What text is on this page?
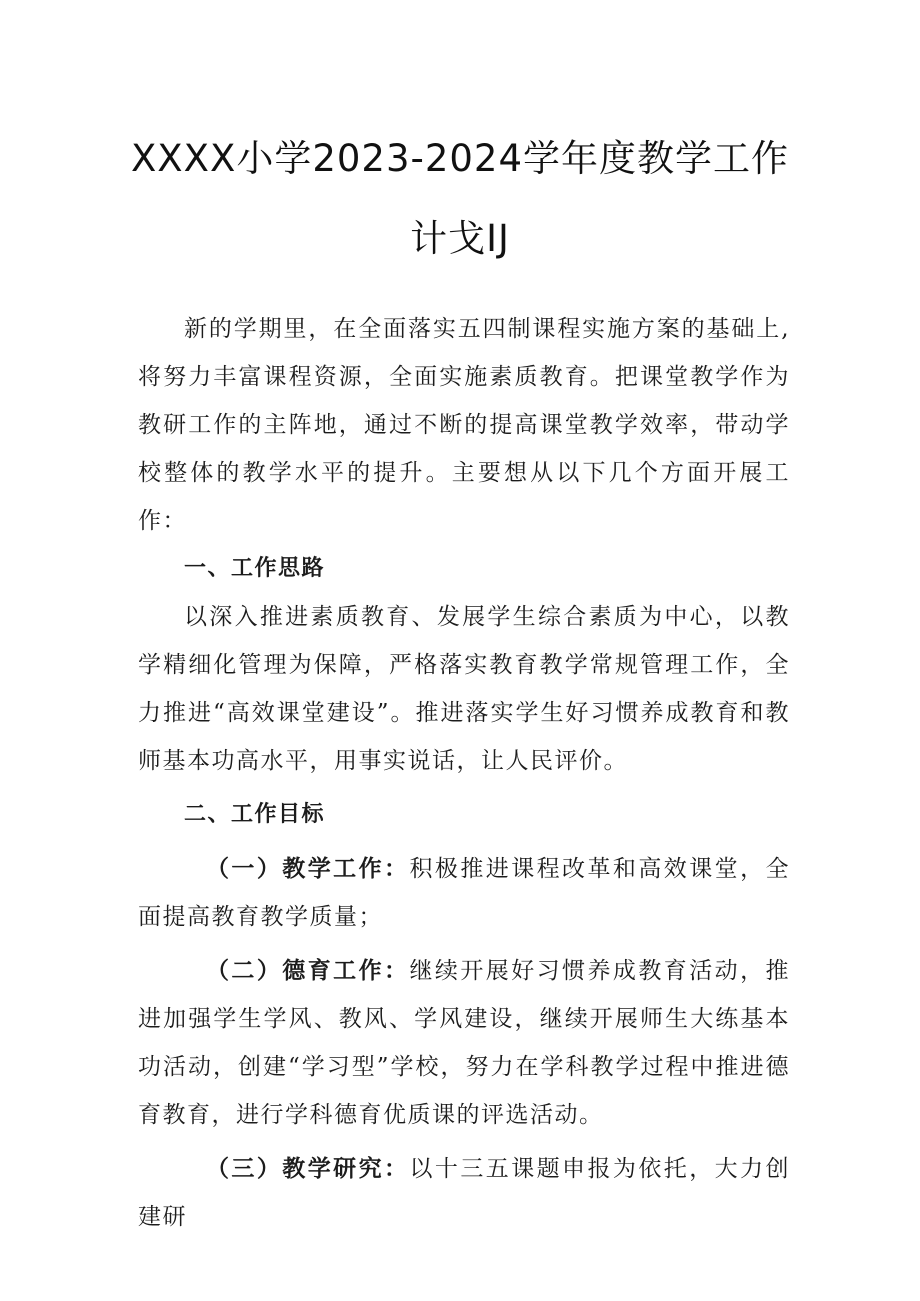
XXXX小学2023-2024学年度教学工作
计戈IJ

新的学期里，在全面落实五四制课程实施方案的基础上,将努力丰富课程资源，全面实施素质教育。把课堂教学作为教研工作的主阵地，通过不断的提高课堂教学效率，带动学校整体的教学水平的提升。主要想从以下几个方面开展工作：

一、工作思路

以深入推进素质教育、发展学生综合素质为中心，以教学精细化管理为保障，严格落实教育教学常规管理工作，全力推进“高效课堂建设”。推进落实学生好习惯养成教育和教师基本功高水平，用事实说话，让人民评价。

二、工作目标

（一）教学工作：积极推进课程改革和高效课堂，全面提高教育教学质量；

（二）德育工作：继续开展好习惯养成教育活动，推进加强学生学风、教风、学风建设，继续开展师生大练基本功活动，创建“学习型”学校，努力在学科教学过程中推进德育教育，进行学科德育优质课的评选活动。

（三）教学研究：以十三五课题申报为依托，大力创建研
